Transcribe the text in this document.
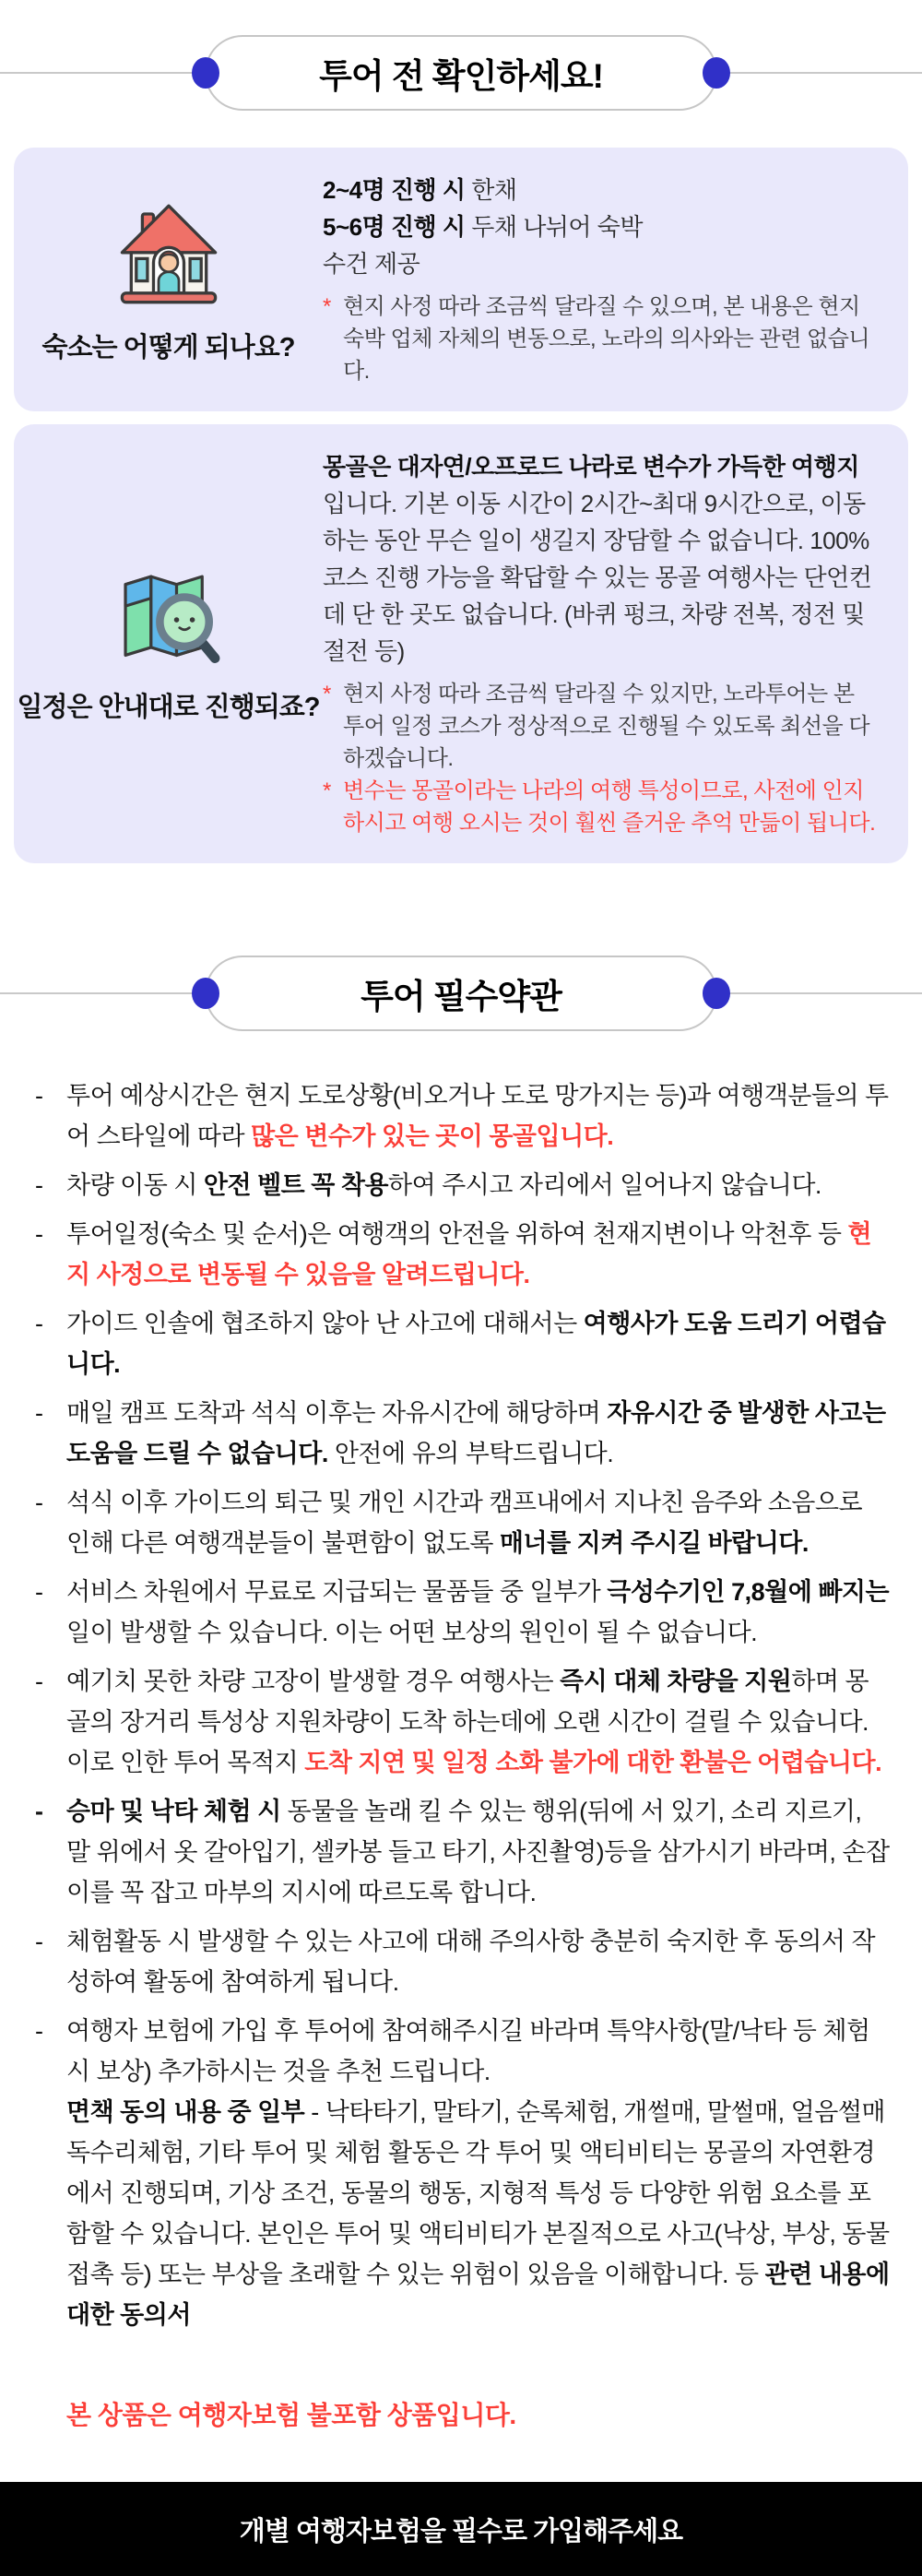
투어 전 확인하세요!
숙소는 어떻게 되나요?
2~4명 진행 시 한채
5~6명 진행 시 두채 나뉘어 숙박
수건 제공
* 현지 사정 따라 조금씩 달라질 수 있으며, 본 내용은 현지 숙박 업체 자체의 변동으로, 노라의 의사와는 관련 없습니다.
일정은 안내대로 진행되죠?
몽골은 대자연/오프로드 나라로 변수가 가득한 여행지입니다. 기본 이동 시간이 2시간~최대 9시간으로, 이동하는 동안 무슨 일이 생길지 장담할 수 없습니다. 100% 코스 진행 가능을 확답할 수 있는 몽골 여행사는 단언컨데 단 한 곳도 없습니다. (바퀴 펑크, 차량 전복, 정전 및 절전 등)
* 현지 사정 따라 조금씩 달라질 수 있지만, 노라투어는 본 투어 일정 코스가 정상적으로 진행될 수 있도록 최선을 다하겠습니다.
* 변수는 몽골이라는 나라의 여행 특성이므로, 사전에 인지하시고 여행 오시는 것이 훨씬 즐거운 추억 만듦이 됩니다.
투어 필수약관
- 투어 예상시간은 현지 도로상황(비오거나 도로 망가지는 등)과 여행객분들의 투어 스타일에 따라 많은 변수가 있는 곳이 몽골입니다.
- 차량 이동 시 안전 벨트 꼭 착용하여 주시고 자리에서 일어나지 않습니다.
- 투어일정(숙소 및 순서)은 여행객의 안전을 위하여 천재지변이나 악천후 등 현지 사정으로 변동될 수 있음을 알려드립니다.
- 가이드 인솔에 협조하지 않아 난 사고에 대해서는 여행사가 도움 드리기 어렵습니다.
- 매일 캠프 도착과 석식 이후는 자유시간에 해당하며 자유시간 중 발생한 사고는 도움을 드릴 수 없습니다. 안전에 유의 부탁드립니다.
- 석식 이후 가이드의 퇴근 및 개인 시간과 캠프내에서 지나친 음주와 소음으로 인해 다른 여행객분들이 불편함이 없도록 매너를 지켜 주시길 바랍니다.
- 서비스 차원에서 무료로 지급되는 물품들 중 일부가 극성수기인 7,8월에 빠지는 일이 발생할 수 있습니다. 이는 어떤 보상의 원인이 될 수 없습니다.
- 예기치 못한 차량 고장이 발생할 경우 여행사는 즉시 대체 차량을 지원하며 몽골의 장거리 특성상 지원차량이 도착 하는데에 오랜 시간이 걸릴 수 있습니다. 이로 인한 투어 목적지 도착 지연 및 일정 소화 불가에 대한 환불은 어렵습니다.
- 승마 및 낙타 체험 시 동물을 놀래 킬 수 있는 행위(뒤에 서 있기, 소리 지르기, 말 위에서 옷 갈아입기, 셀카봉 들고 타기, 사진촬영)등을 삼가시기 바라며, 손잡이를 꼭 잡고 마부의 지시에 따르도록 합니다.
- 체험활동 시 발생할 수 있는 사고에 대해 주의사항 충분히 숙지한 후 동의서 작성하여 활동에 참여하게 됩니다.
- 여행자 보험에 가입 후 투어에 참여해주시길 바라며 특약사항(말/낙타 등 체험 시 보상) 추가하시는 것을 추천 드립니다.
면책 동의 내용 중 일부 - 낙타타기, 말타기, 순록체험, 개썰매, 말썰매, 얼음썰매 독수리체험, 기타 투어 및 체험 활동은 각 투어 및 액티비티는 몽골의 자연환경에서 진행되며, 기상 조건, 동물의 행동, 지형적 특성 등 다양한 위험 요소를 포함할 수 있습니다. 본인은 투어 및 액티비티가 본질적으로 사고(낙상, 부상, 동물 접촉 등) 또는 부상을 초래할 수 있는 위험이 있음을 이해합니다. 등 관련 내용에 대한 동의서
본 상품은 여행자보험 불포함 상품입니다.
개별 여행자보험을 필수로 가입해주세요
